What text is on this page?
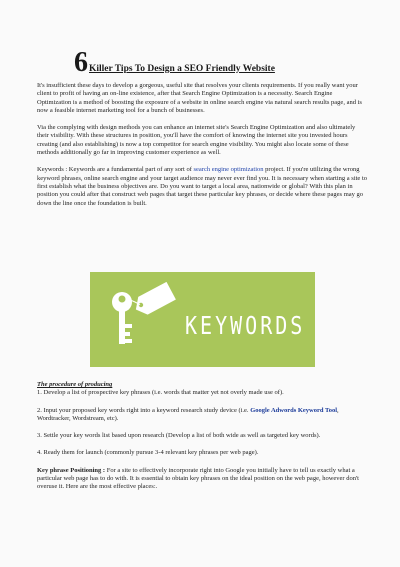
6Killer Tips To Design a SEO Friendly Website

It's insufficient these days to develop a gorgeous, useful site that resolves your clients requirements. If you really want your client to profit of having an on-line existence, after that Search Engine Optimization is a necessity. Search Engine Optimization is a method of boosting the exposure of a website in online search engine via natural search results page, and is now a feasible internet marketing tool for a bunch of businesses.

Via the complying with design methods you can enhance an internet site's Search Engine Optimization and also ultimately their visibility. With these structures in position, you'll have the comfort of knowing the internet site you invested hours creating (and also establishing) is now a top competitor for search engine visibility. You might also locate some of these methods additionally go far in improving customer experience as well.

Keywords : Keywords are a fundamental part of any sort of search engine optimization project. If you're utilizing the wrong keyword phrases, online search engine and your target audience may never ever find you. It is necessary when starting a site to first establish what the business objectives are. Do you want to target a local area, nationwide or global? With this plan in position you could after that construct web pages that target these particular key phrases, or decide where these pages may go down the line once the foundation is built.

KEYWORDS
The procedure of producing

1. Develop a list of prospective key phrases (i.e. words that matter yet not overly made use of).

2. Input your proposed key words right into a keyword research study device (i.e. Google Adwords Keyword Tool, Wordtracker, Wordstream, etc).

3. Settle your key words list based upon research (Develop a list of both wide as well as targeted key words).

4. Ready them for launch (commonly pursue 3-4 relevant key phrases per web page).

Key phrase Positioning : For a site to effectively incorporate right into Google you initially have to tell us exactly what a particular web page has to do with. It is essential to obtain key phrases on the ideal position on the web page, however don't overuse it. Here are the most effective places:.
